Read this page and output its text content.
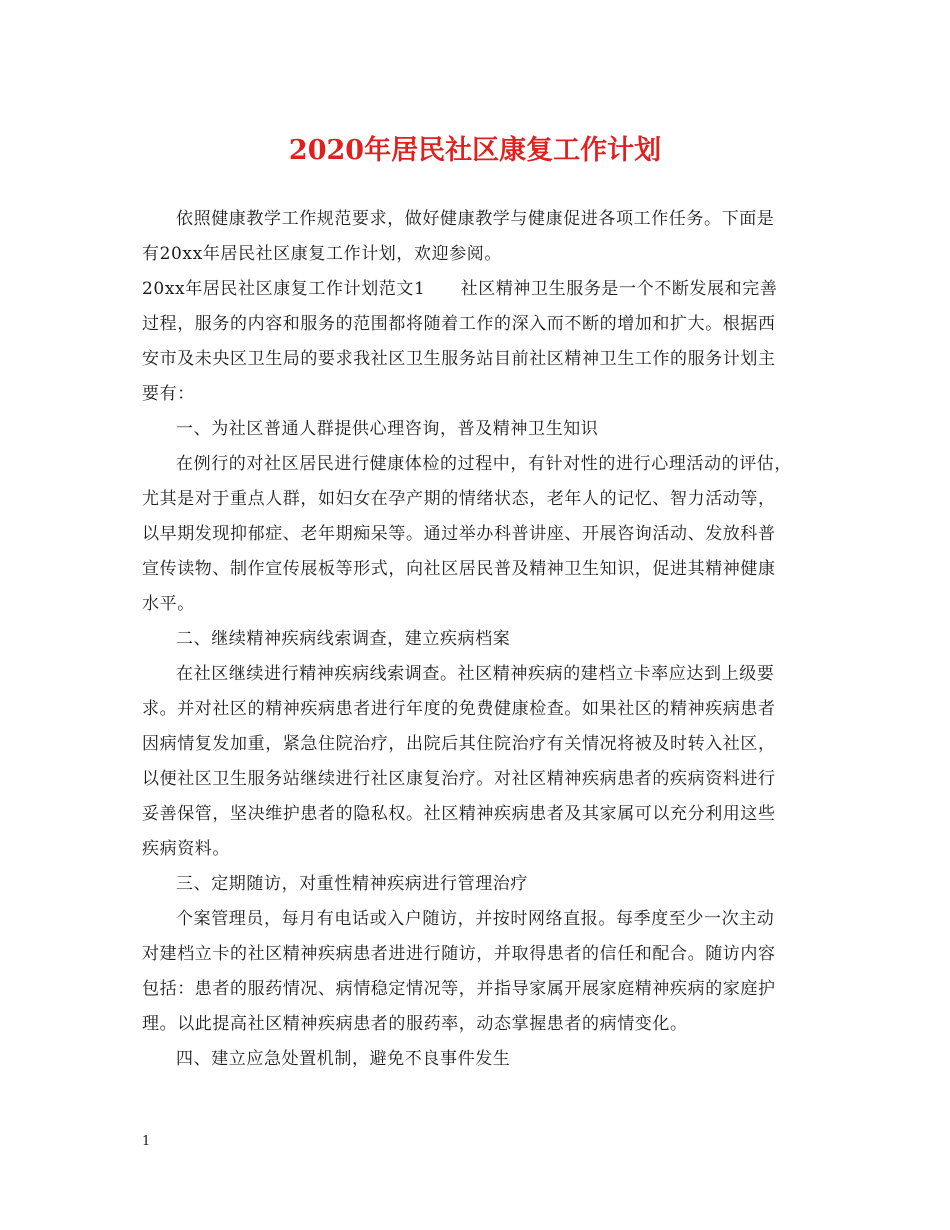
2020年居民社区康复工作计划
依照健康教学工作规范要求，做好健康教学与健康促进各项工作任务。下面是
有20xx年居民社区康复工作计划，欢迎参阅。
20xx年居民社区康复工作计划范文1　　社区精神卫生服务是一个不断发展和完善
过程，服务的内容和服务的范围都将随着工作的深入而不断的增加和扩大。根据西
安市及未央区卫生局的要求我社区卫生服务站目前社区精神卫生工作的服务计划主
要有：
一、为社区普通人群提供心理咨询，普及精神卫生知识
在例行的对社区居民进行健康体检的过程中，有针对性的进行心理活动的评估，
尤其是对于重点人群，如妇女在孕产期的情绪状态，老年人的记忆、智力活动等，
以早期发现抑郁症、老年期痴呆等。通过举办科普讲座、开展咨询活动、发放科普
宣传读物、制作宣传展板等形式，向社区居民普及精神卫生知识，促进其精神健康
水平。
二、继续精神疾病线索调查，建立疾病档案
在社区继续进行精神疾病线索调查。社区精神疾病的建档立卡率应达到上级要
求。并对社区的精神疾病患者进行年度的免费健康检查。如果社区的精神疾病患者
因病情复发加重，紧急住院治疗，出院后其住院治疗有关情况将被及时转入社区，
以便社区卫生服务站继续进行社区康复治疗。对社区精神疾病患者的疾病资料进行
妥善保管，坚决维护患者的隐私权。社区精神疾病患者及其家属可以充分利用这些
疾病资料。
三、定期随访，对重性精神疾病进行管理治疗
个案管理员，每月有电话或入户随访，并按时网络直报。每季度至少一次主动
对建档立卡的社区精神疾病患者进进行随访，并取得患者的信任和配合。随访内容
包括：患者的服药情况、病情稳定情况等，并指导家属开展家庭精神疾病的家庭护
理。以此提高社区精神疾病患者的服药率，动态掌握患者的病情变化。
四、建立应急处置机制，避免不良事件发生
1
